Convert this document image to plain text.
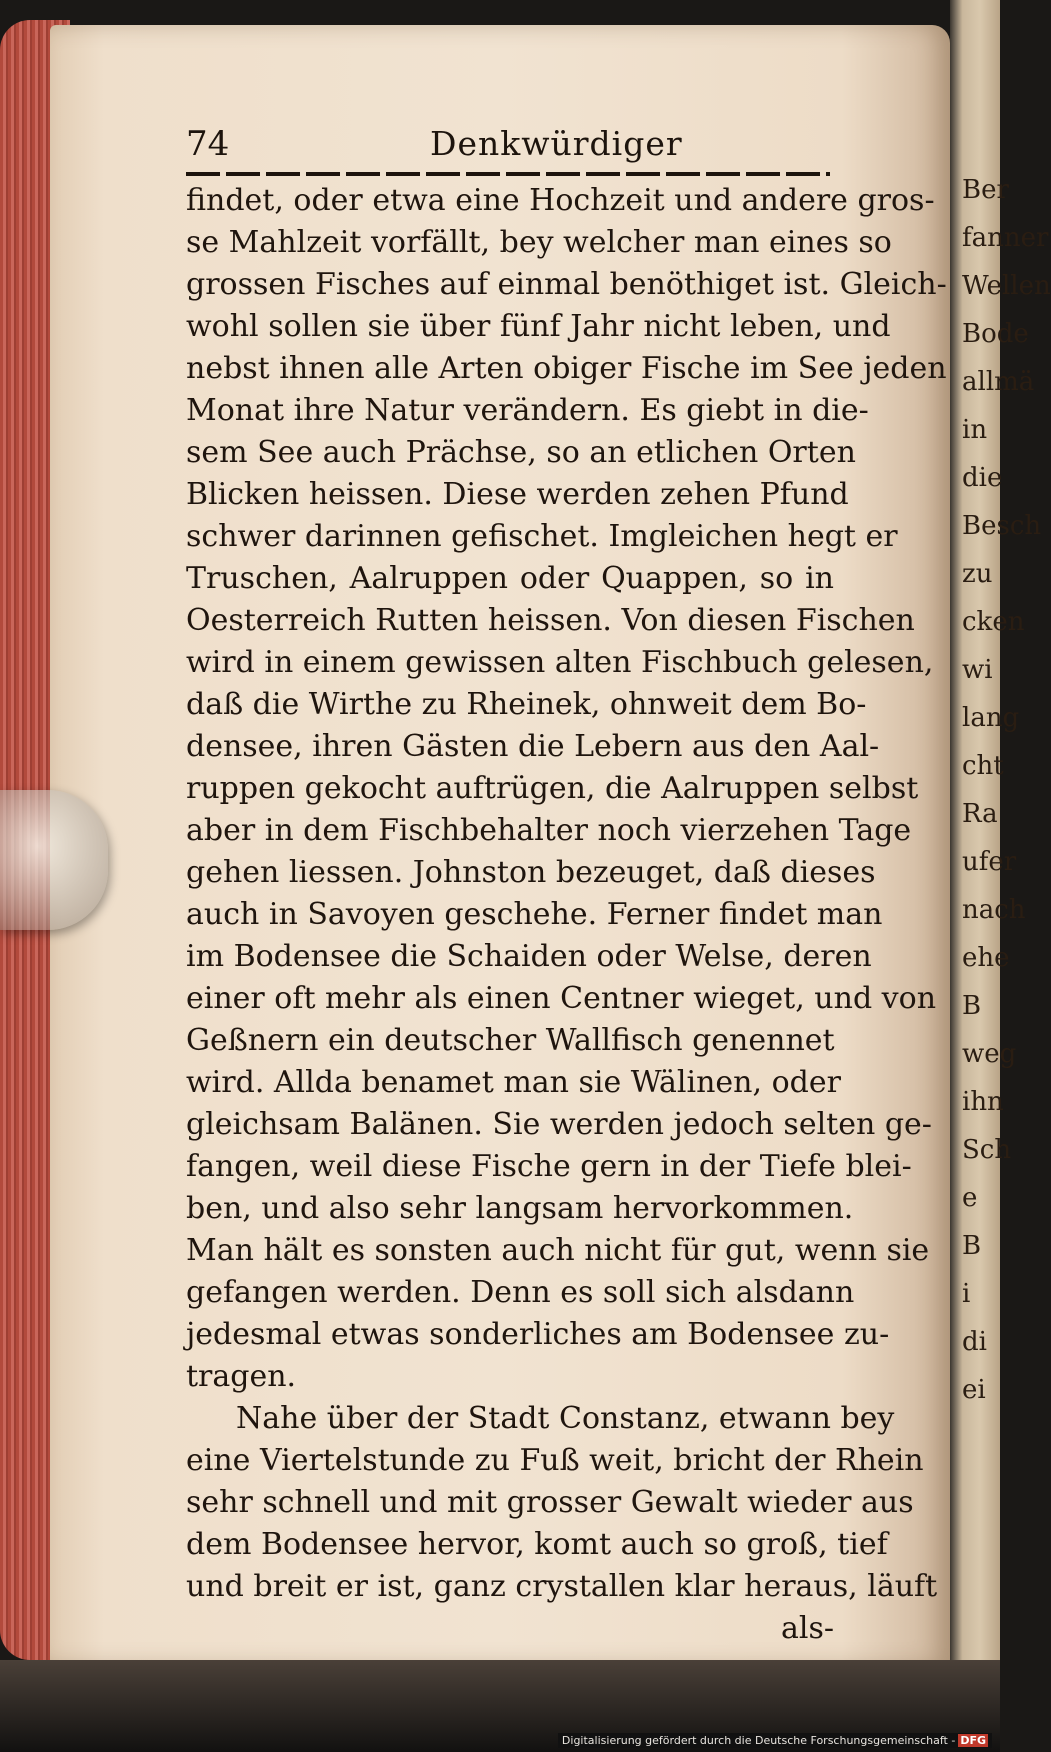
Ber
fanner
Wellen
Bode
allmä
in
die
Besch
zu
cken
wi
lang
cht
Ra
ufer
nach
ehe
B
weg
ihn
Sch
e
B
i
di
ei
74	Denkwürdiger
findet, oder etwa eine Hochzeit und andere gros-
se Mahlzeit vorfällt, bey welcher man eines so
grossen Fisches auf einmal benöthiget ist. Gleich-
wohl sollen sie über fünf Jahr nicht leben, und
nebst ihnen alle Arten obiger Fische im See jeden
Monat ihre Natur verändern. Es giebt in die-
sem See auch Prächse, so an etlichen Orten
Blicken heissen. Diese werden zehen Pfund
schwer darinnen gefischet. Imgleichen hegt er
Truschen, Aalruppen oder Quappen, so in
Oesterreich Rutten heissen. Von diesen Fischen
wird in einem gewissen alten Fischbuch gelesen,
daß die Wirthe zu Rheinek, ohnweit dem Bo-
densee, ihren Gästen die Lebern aus den Aal-
ruppen gekocht auftrügen, die Aalruppen selbst
aber in dem Fischbehalter noch vierzehen Tage
gehen liessen. Johnston bezeuget, daß dieses
auch in Savoyen geschehe. Ferner findet man
im Bodensee die Schaiden oder Welse, deren
einer oft mehr als einen Centner wieget, und von
Geßnern ein deutscher Wallfisch genennet
wird. Allda benamet man sie Wälinen, oder
gleichsam Balänen. Sie werden jedoch selten ge-
fangen, weil diese Fische gern in der Tiefe blei-
ben, und also sehr langsam hervorkommen.
Man hält es sonsten auch nicht für gut, wenn sie
gefangen werden. Denn es soll sich alsdann
jedesmal etwas sonderliches am Bodensee zu-
tragen.
Nahe über der Stadt Constanz, etwann bey
eine Viertelstunde zu Fuß weit, bricht der Rhein
sehr schnell und mit grosser Gewalt wieder aus
dem Bodensee hervor, komt auch so groß, tief
und breit er ist, ganz crystallen klar heraus, läuft
als-
Digitalisierung gefördert durch die Deutsche Forschungsgemeinschaft - DFG
